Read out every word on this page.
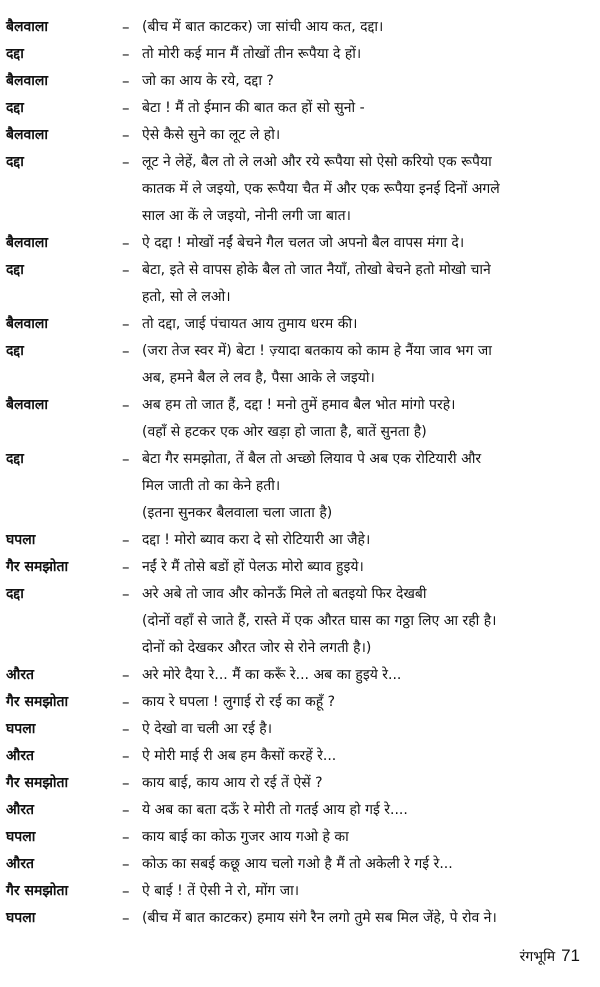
बैलवाला	– (बीच में बात काटकर) जा सांची आय कत, दद्दा।
दद्दा	– तो मोरी कई मान मैं तोखों तीन रूपैया दे हों।
बैलवाला	– जो का आय के रये, दद्दा ?
दद्दा	– बेटा ! मैं तो ईमान की बात कत हों सो सुनो -
बैलवाला	– ऐसे कैसे सुने का लूट ले हो।
दद्दा	– लूट ने लेहें, बैल तो ले लओ और रये रूपैया सो ऐसो करियो एक रूपैया
कातक में ले जइयो, एक रूपैया चैत में और एक रूपैया इनई दिनों अगले
साल आ कें ले जइयो, नोनी लगी जा बात।
बैलवाला	– ऐ दद्दा ! मोखों नईं बेचने गैल चलत जो अपनो बैल वापस मंगा दे।
दद्दा	– बेटा, इते से वापस होके बैल तो जात नैयाँ, तोखो बेचने हतो मोखो चाने
हतो, सो ले लओ।
बैलवाला	– तो दद्दा, जाई पंचायत आय तुमाय धरम की।
दद्दा	– (जरा तेज स्वर में) बेटा ! ज़्यादा बतकाय को काम हे नैंया जाव भग जा
अब, हमने बैल ले लव है, पैसा आके ले जइयो।
बैलवाला	– अब हम तो जात हैं, दद्दा ! मनो तुमें हमाव बैल भोत मांगो परहे।
(वहाँ से हटकर एक ओर खड़ा हो जाता है, बातें सुनता है)
दद्दा	– बेटा गैर समझोता, तें बैल तो अच्छो लियाव पे अब एक रोटियारी और
मिल जाती तो का केने हती।
(इतना सुनकर बैलवाला चला जाता है)
घपला	– दद्दा ! मोरो ब्याव करा दे सो रोटियारी आ जैहे।
गैर समझोता	– नईं रे मैं तोसे बडों हों पेलऊ मोरो ब्याव हुइये।
दद्दा	– अरे अबे तो जाव और कोनऊँ मिले तो बतइयो फिर देखबी
(दोनों वहाँ से जाते हैं, रास्ते में एक औरत घास का गठ्ठा लिए आ रही है।
दोनों को देखकर औरत जोर से रोने लगती है।)
औरत	– अरे मोरे दैया रे... मैं का करूँ रे... अब का हुइये रे...
गैर समझोता	– काय रे घपला ! लुगाई रो रई का कहूँ ?
घपला	– ऐ देखो वा चली आ रई है।
औरत	– ऐ मोरी माई री अब हम कैसों करहें रे...
गैर समझोता	– काय बाई, काय आय रो रई तें ऐसें ?
औरत	– ये अब का बता दऊँ रे मोरी तो गतई आय हो गई रे....
घपला	– काय बाई का कोऊ गुजर आय गओ हे का
औरत	– कोऊ का सबई कछू आय चलो गओ है मैं तो अकेली रे गई रे...
गैर समझोता	– ऐ बाई ! तें ऐसी ने रो, मोंग जा।
घपला	– (बीच में बात काटकर) हमाय संगे रैन लगो तुमे सब मिल जेंहे, पे रोव ने।
रंगभूमि 71
